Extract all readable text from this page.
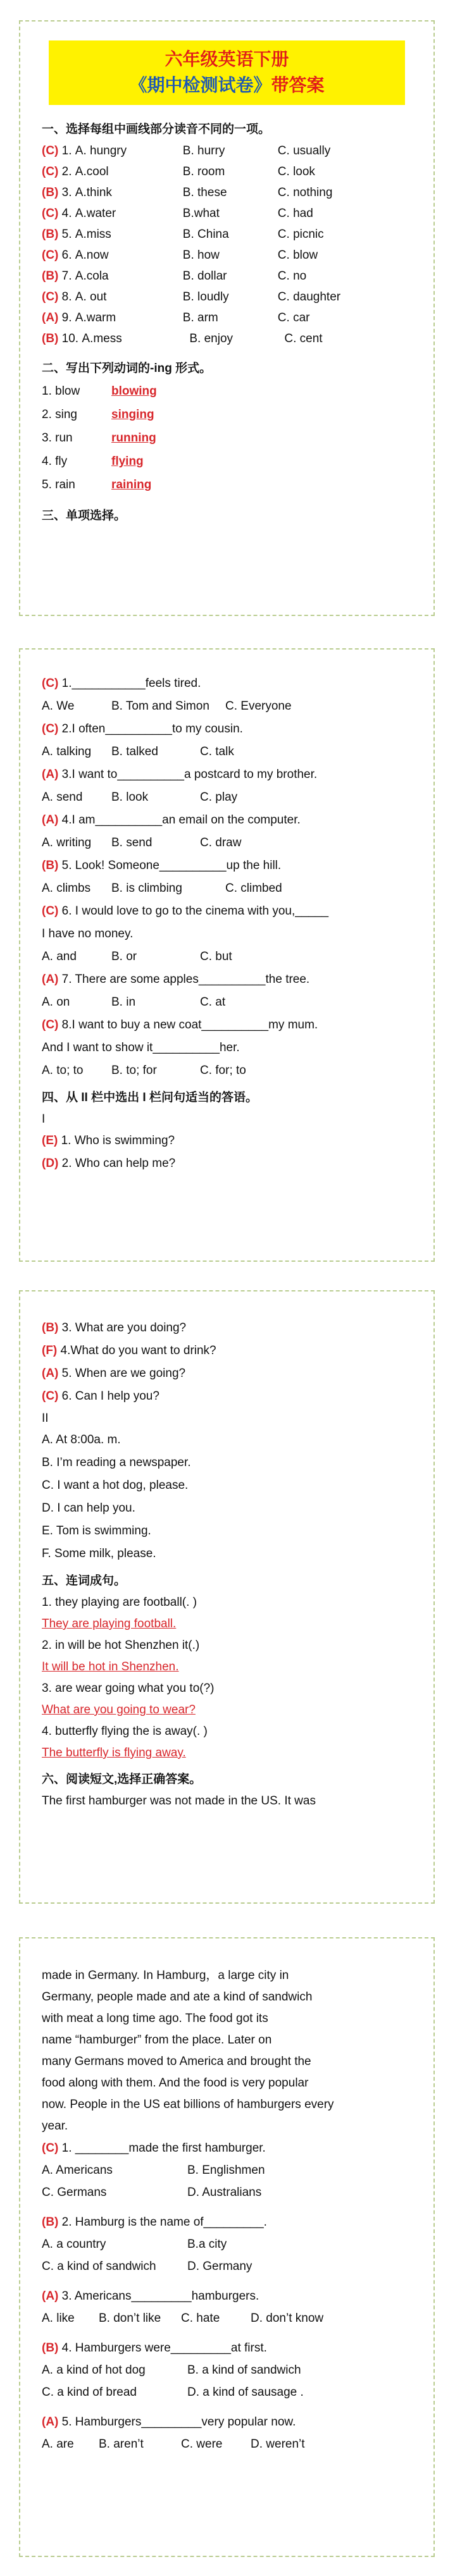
六年级英语下册
《期中检测试卷》带答案
一、选择每组中画线部分读音不同的一项。
(C) 1. A. hungry	B. hurry	C. usually
(C) 2. A.cool	B. room	C. look
(B) 3. A.think	B. these	C. nothing
(C) 4. A.water	B.what	C. had
(B) 5. A.miss	B. China	C. picnic
(C) 6. A.now	B. how	C. blow
(B) 7. A.cola	B. dollar	C. no
(C) 8. A. out	B. loudly	C. daughter
(A) 9. A.warm	B. arm	C. car
(B) 10. A.mess	B. enjoy	C. cent
二、写出下列动词的-ing 形式。
1. blow	blowing
2. sing	singing
3. run	running
4. fly	flying
5. rain	raining
三、单项选择。
(C) 1.___________feels tired.
A. We	B. Tom and Simon C. Everyone
(C) 2.I often__________to my cousin.
A. talking B. talked	C. talk
(A) 3.I want to__________a postcard to my brother.
A. send B. look	C. play
(A) 4.I am__________an email on the computer.
A. writing B. send	C. draw
(B) 5. Look! Someone__________up the hill.
A. climbs B. is climbing	C. climbed
(C) 6. I would love to go to the cinema with you,_____
I have no money.
A. and	B. or	C. but
(A) 7. There are some apples__________the tree.
A. on	B. in	C. at
(C) 8.I want to buy a new coat__________my mum.
And I want to show it__________her.
A. to; to B. to; for	C. for; to
四、从 II 栏中选出 I 栏问句适当的答语。
I
(E) 1. Who is swimming?
(D) 2. Who can help me?
(B) 3. What are you doing?
(F) 4.What do you want to drink?
(A) 5. When are we going?
(C) 6. Can I help you?
II
A. At 8:00a. m.
B. I’m reading a newspaper.
C. I want a hot dog, please.
D. I can help you.
E. Tom is swimming.
F. Some milk, please.
五、连词成句。
1. they playing are football(. )
They are playing football.
2. in will be hot Shenzhen it(.)
It will be hot in Shenzhen.
3. are wear going what you to(?)
What are you going to wear?
4. butterfly flying the is away(. )
The butterfly is flying away.
六、阅读短文,选择正确答案。
The first hamburger was not made in the US. It was
made in Germany. In Hamburg，a large city in
Germany, people made and ate a kind of sandwich
with meat a long time ago. The food got its
name “hamburger” from the place. Later on
many Germans moved to America and brought the
food along with them. And the food is very popular
now. People in the US eat billions of hamburgers every
year.
(C) 1. ________made the first hamburger.
A. Americans	B. Englishmen
C. Germans	D. Australians
(B) 2. Hamburg is the name of_________.
A. a country	B.a city
C. a kind of sandwich	D. Germany
(A) 3. Americans_________hamburgers.
A. like B. don’t like C. hate	D. don’t know
(B) 4. Hamburgers were_________at first.
A. a kind of hot dog	B. a kind of sandwich
C. a kind of bread	D. a kind of sausage .
(A) 5. Hamburgers_________very popular now.
A. are B. aren’t	C. were D. weren’t
